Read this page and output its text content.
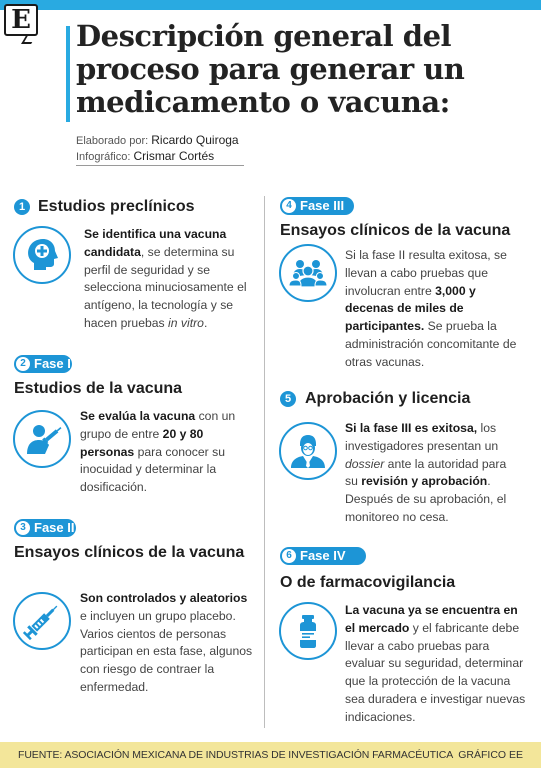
E Descripción general del proceso para generar un medicamento o vacuna:
Elaborado por: Ricardo Quiroga
Infográfico: Crismar Cortés
1 Estudios preclínicos
Se identifica una vacuna candidata, se determina su perfil de seguridad y se selecciona minuciosamente el antígeno, la tecnología y se hacen pruebas in vitro.
2 Fase I
Estudios de la vacuna
Se evalúa la vacuna con un grupo de entre 20 y 80 personas para conocer su inocuidad y determinar la dosificación.
3 Fase II
Ensayos clínicos de la vacuna
Son controlados y aleatorios e incluyen un grupo placebo. Varios cientos de personas participan en esta fase, algunos con riesgo de contraer la enfermedad.
4 Fase III
Ensayos clínicos de la vacuna
Si la fase II resulta exitosa, se llevan a cabo pruebas que involucran entre 3,000 y decenas de miles de participantes. Se prueba la administración concomitante de otras vacunas.
5 Aprobación y licencia
Si la fase III es exitosa, los investigadores presentan un dossier ante la autoridad para su revisión y aprobación. Después de su aprobación, el monitoreo no cesa.
6 Fase IV
O de farmacovigilancia
La vacuna ya se encuentra en el mercado y el fabricante debe llevar a cabo pruebas para evaluar su seguridad, determinar que la protección de la vacuna sea duradera e investigar nuevas indicaciones.
FUENTE: ASOCIACIÓN MEXICANA DE INDUSTRIAS DE INVESTIGACIÓN FARMACÉUTICA GRÁFICO EE
